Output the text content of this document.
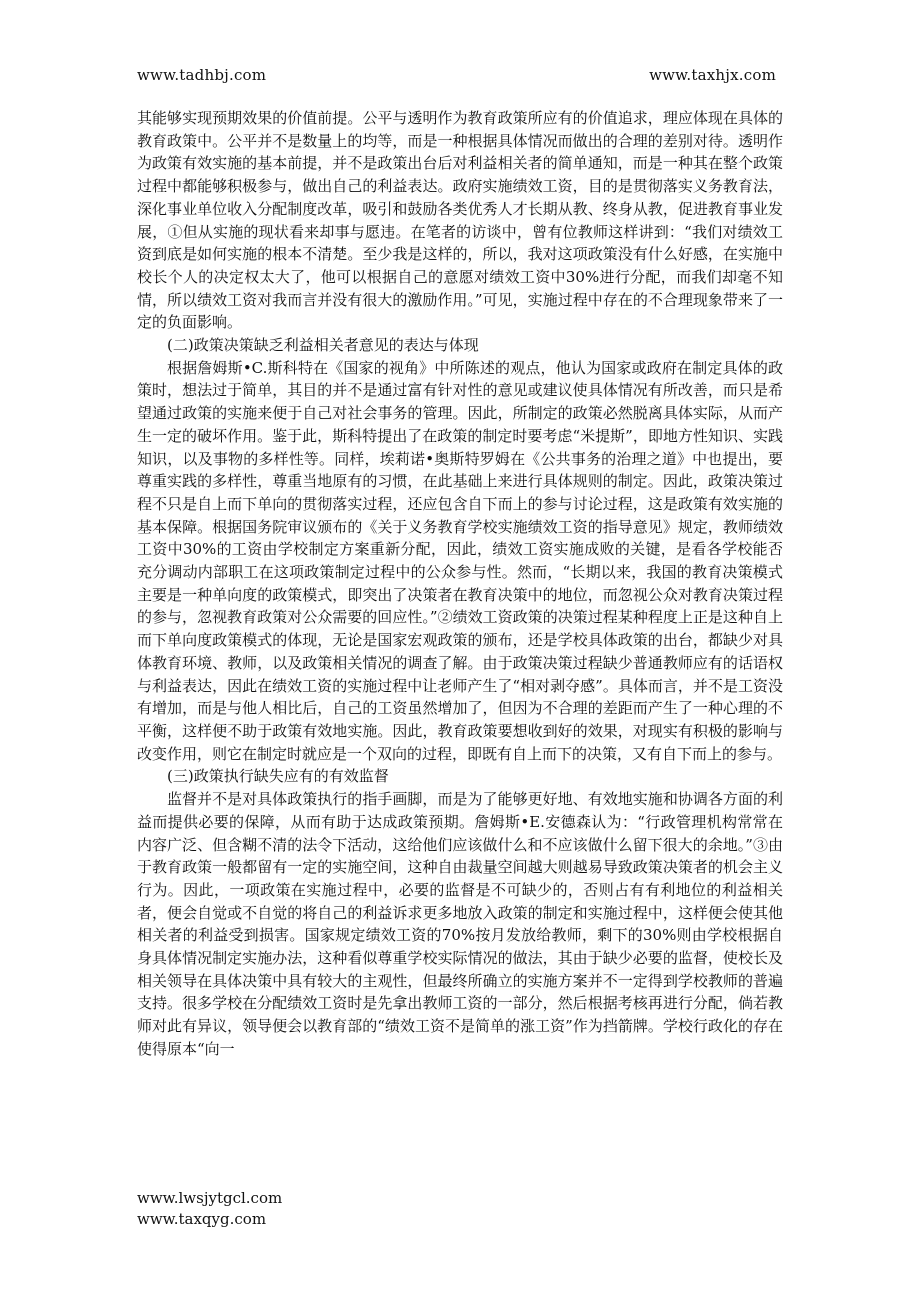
www.tadhbj.com	www.taxhjx.com

其能够实现预期效果的价值前提。公平与透明作为教育政策所应有的价值追求，理应体现在具体的教育政策中。公平并不是数量上的均等，而是一种根据具体情况而做出的合理的差别对待。透明作为政策有效实施的基本前提，并不是政策出台后对利益相关者的简单通知，而是一种其在整个政策过程中都能够积极参与，做出自己的利益表达。政府实施绩效工资，目的是贯彻落实义务教育法，深化事业单位收入分配制度改革，吸引和鼓励各类优秀人才长期从教、终身从教，促进教育事业发展，①但从实施的现状看来却事与愿违。在笔者的访谈中，曾有位教师这样讲到：“我们对绩效工资到底是如何实施的根本不清楚。至少我是这样的，所以，我对这项政策没有什么好感，在实施中校长个人的决定权太大了，他可以根据自己的意愿对绩效工资中30%进行分配，而我们却毫不知情，所以绩效工资对我而言并没有很大的激励作用。”可见，实施过程中存在的不合理现象带来了一定的负面影响。

(二)政策决策缺乏利益相关者意见的表达与体现

根据詹姆斯•C.斯科特在《国家的视角》中所陈述的观点，他认为国家或政府在制定具体的政策时，想法过于简单，其目的并不是通过富有针对性的意见或建议使具体情况有所改善，而只是希望通过政策的实施来便于自己对社会事务的管理。因此，所制定的政策必然脱离具体实际，从而产生一定的破坏作用。鉴于此，斯科特提出了在政策的制定时要考虑“米提斯”，即地方性知识、实践知识，以及事物的多样性等。同样，埃莉诺•奥斯特罗姆在《公共事务的治理之道》中也提出，要尊重实践的多样性，尊重当地原有的习惯，在此基础上来进行具体规则的制定。因此，政策决策过程不只是自上而下单向的贯彻落实过程，还应包含自下而上的参与讨论过程，这是政策有效实施的基本保障。根据国务院审议颁布的《关于义务教育学校实施绩效工资的指导意见》规定，教师绩效工资中30%的工资由学校制定方案重新分配，因此，绩效工资实施成败的关键，是看各学校能否充分调动内部职工在这项政策制定过程中的公众参与性。然而，“长期以来，我国的教育决策模式主要是一种单向度的政策模式，即突出了决策者在教育决策中的地位，而忽视公众对教育决策过程的参与，忽视教育政策对公众需要的回应性。”②绩效工资政策的决策过程某种程度上正是这种自上而下单向度政策模式的体现，无论是国家宏观政策的颁布，还是学校具体政策的出台，都缺少对具体教育环境、教师，以及政策相关情况的调查了解。由于政策决策过程缺少普通教师应有的话语权与利益表达，因此在绩效工资的实施过程中让老师产生了“相对剥夺感”。具体而言，并不是工资没有增加，而是与他人相比后，自己的工资虽然增加了，但因为不合理的差距而产生了一种心理的不平衡，这样便不助于政策有效地实施。因此，教育政策要想收到好的效果，对现实有积极的影响与改变作用，则它在制定时就应是一个双向的过程，即既有自上而下的决策，又有自下而上的参与。

(三)政策执行缺失应有的有效监督

监督并不是对具体政策执行的指手画脚，而是为了能够更好地、有效地实施和协调各方面的利益而提供必要的保障，从而有助于达成政策预期。詹姆斯•E.安德森认为：“行政管理机构常常在内容广泛、但含糊不清的法令下活动，这给他们应该做什么和不应该做什么留下很大的余地。”③由于教育政策一般都留有一定的实施空间，这种自由裁量空间越大则越易导致政策决策者的机会主义行为。因此，一项政策在实施过程中，必要的监督是不可缺少的，否则占有有利地位的利益相关者，便会自觉或不自觉的将自己的利益诉求更多地放入政策的制定和实施过程中，这样便会使其他相关者的利益受到损害。国家规定绩效工资的70%按月发放给教师，剩下的30%则由学校根据自身具体情况制定实施办法，这种看似尊重学校实际情况的做法，其由于缺少必要的监督，使校长及相关领导在具体决策中具有较大的主观性，但最终所确立的实施方案并不一定得到学校教师的普遍支持。很多学校在分配绩效工资时是先拿出教师工资的一部分，然后根据考核再进行分配，倘若教师对此有异议，领导便会以教育部的“绩效工资不是简单的涨工资”作为挡箭牌。学校行政化的存在使得原本“向一

www.lwsjytgcl.com
www.taxqyg.com
